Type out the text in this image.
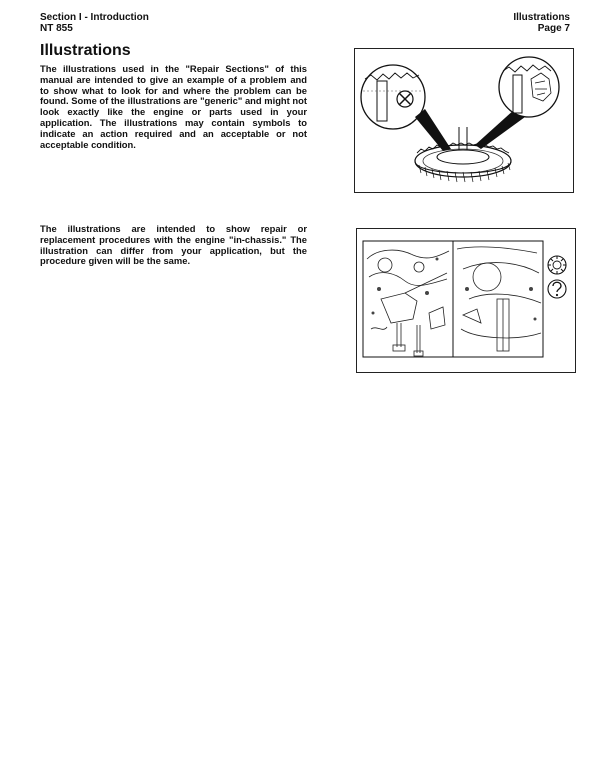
Section I - Introduction
NT 855
Illustrations
Page 7
Illustrations

The illustrations used in the "Repair Sections" of this manual are intended to give an example of a problem and to show what to look for and where the problem can be found. Some of the illustrations are "generic" and might not look exactly like the engine or parts used in your application. The illustrations may contain symbols to indicate an action required and an acceptable or not acceptable condition.

The illustrations are intended to show repair or replacement procedures with the engine "in-chassis." The illustration can differ from your application, but the procedure given will be the same.
